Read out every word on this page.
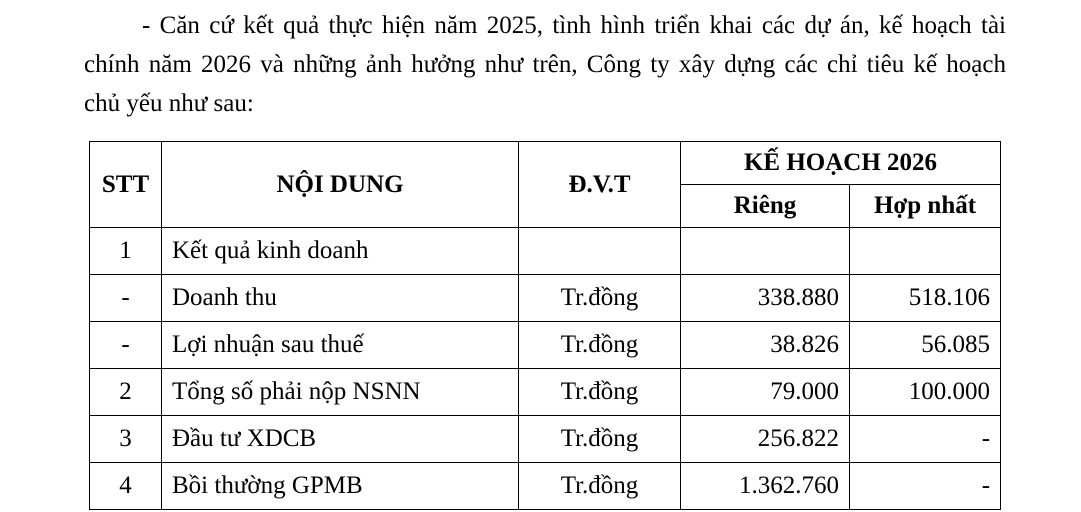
- Căn cứ kết quả thực hiện năm 2025, tình hình triển khai các dự án, kế hoạch tài
chính năm 2026 và những ảnh hưởng như trên, Công ty xây dựng các chỉ tiêu kế hoạch
chủ yếu như sau:
STT	NỘI DUNG	Đ.V.T	KẾ HOẠCH 2026	
			Riêng	Hợp nhất
1	Kết quả kinh doanh			
-	Doanh thu	Tr.đồng	338.880	518.106
-	Lợi nhuận sau thuế	Tr.đồng	38.826	56.085
2	Tổng số phải nộp NSNN	Tr.đồng	79.000	100.000
3	Đầu tư XDCB	Tr.đồng	256.822	-
4	Bồi thường GPMB	Tr.đồng	1.362.760	-
